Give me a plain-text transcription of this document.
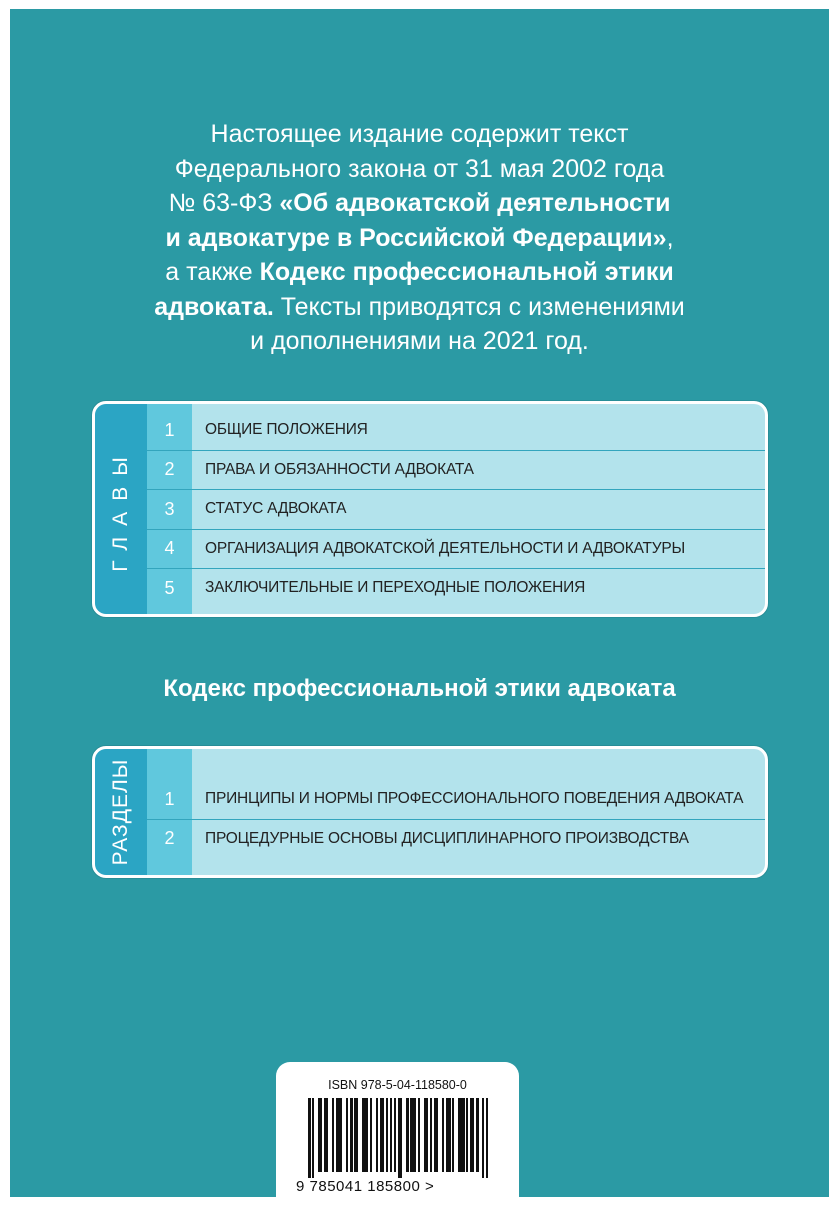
Настоящее издание содержит текст
Федерального закона от 31 мая 2002 года
№ 63-ФЗ «Об адвокатской деятельности
и адвокатуре в Российской Федерации»,
а также Кодекс профессиональной этики
адвоката. Тексты приводятся с изменениями
и дополнениями на 2021 год.
ГЛАВЫ
1	ОБЩИЕ ПОЛОЖЕНИЯ
2	ПРАВА И ОБЯЗАННОСТИ АДВОКАТА
3	СТАТУС АДВОКАТА
4	ОРГАНИЗАЦИЯ АДВОКАТСКОЙ ДЕЯТЕЛЬНОСТИ И АДВОКАТУРЫ
5	ЗАКЛЮЧИТЕЛЬНЫЕ И ПЕРЕХОДНЫЕ ПОЛОЖЕНИЯ
Кодекс профессиональной этики адвоката
РАЗДЕЛЫ	1	ПРИНЦИПЫ И НОРМЫ ПРОФЕССИОНАЛЬНОГО ПОВЕДЕНИЯ АДВОКАТА
2	ПРОЦЕДУРНЫЕ ОСНОВЫ ДИСЦИПЛИНАРНОГО ПРОИЗВОДСТВА
ISBN 978-5-04-118580-0
9 785041 185800 >
